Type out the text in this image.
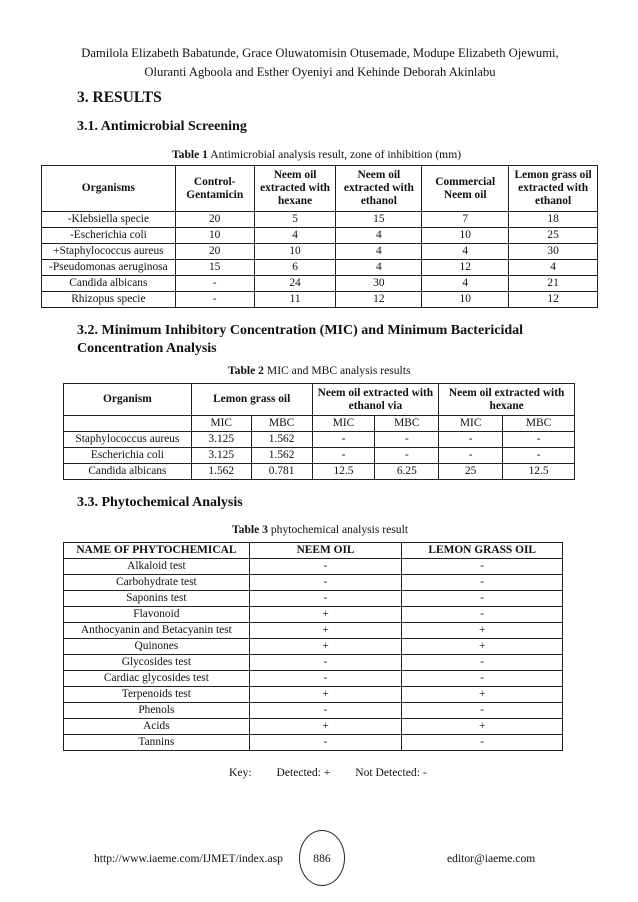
Damilola Elizabeth Babatunde, Grace Oluwatomisin Otusemade, Modupe Elizabeth Ojewumi,
Oluranti Agboola and Esther Oyeniyi and Kehinde Deborah Akinlabu
3. RESULTS
3.1. Antimicrobial Screening
Table 1 Antimicrobial analysis result, zone of inhibition (mm)
Organisms	Control-Gentamicin	Neem oil extracted with hexane	Neem oil extracted with ethanol	Commercial Neem oil	Lemon grass oil extracted with ethanol
-Klebsiella specie	20	5	15	7	18
-Escherichia coli	10	4	4	10	25
+Staphylococcus aureus	20	10	4	4	30
-Pseudomonas aeruginosa	15	6	4	12	4
Candida albicans	-	24	30	4	21
Rhizopus specie	-	11	12	10	12
3.2. Minimum Inhibitory Concentration (MIC) and Minimum Bactericidal Concentration Analysis
Table 2 MIC and MBC analysis results
Organism	Lemon grass oil		Neem oil extracted with ethanol via		Neem oil extracted with hexane	
	MIC	MBC	MIC	MBC	MIC	MBC
Staphylococcus aureus	3.125	1.562	-	-	-	-
Escherichia coli	3.125	1.562	-	-	-	-
Candida albicans	1.562	0.781	12.5	6.25	25	12.5
3.3. Phytochemical Analysis
Table 3 phytochemical analysis result
NAME OF PHYTOCHEMICAL	NEEM OIL	LEMON GRASS OIL
Alkaloid test	-	-
Carbohydrate test	-	-
Saponins test	-	-
Flavonoid	+	-
Anthocyanin and Betacyanin test	+	+
Quinones	+	+
Glycosides test	-	-
Cardiac glycosides test	-	-
Terpenoids test	+	+
Phenols	-	-
Acids	+	+
Tannins	-	-
Key: Detected: + Not Detected: -
http://www.iaeme.com/IJMET/index.asp	886	editor@iaeme.com
